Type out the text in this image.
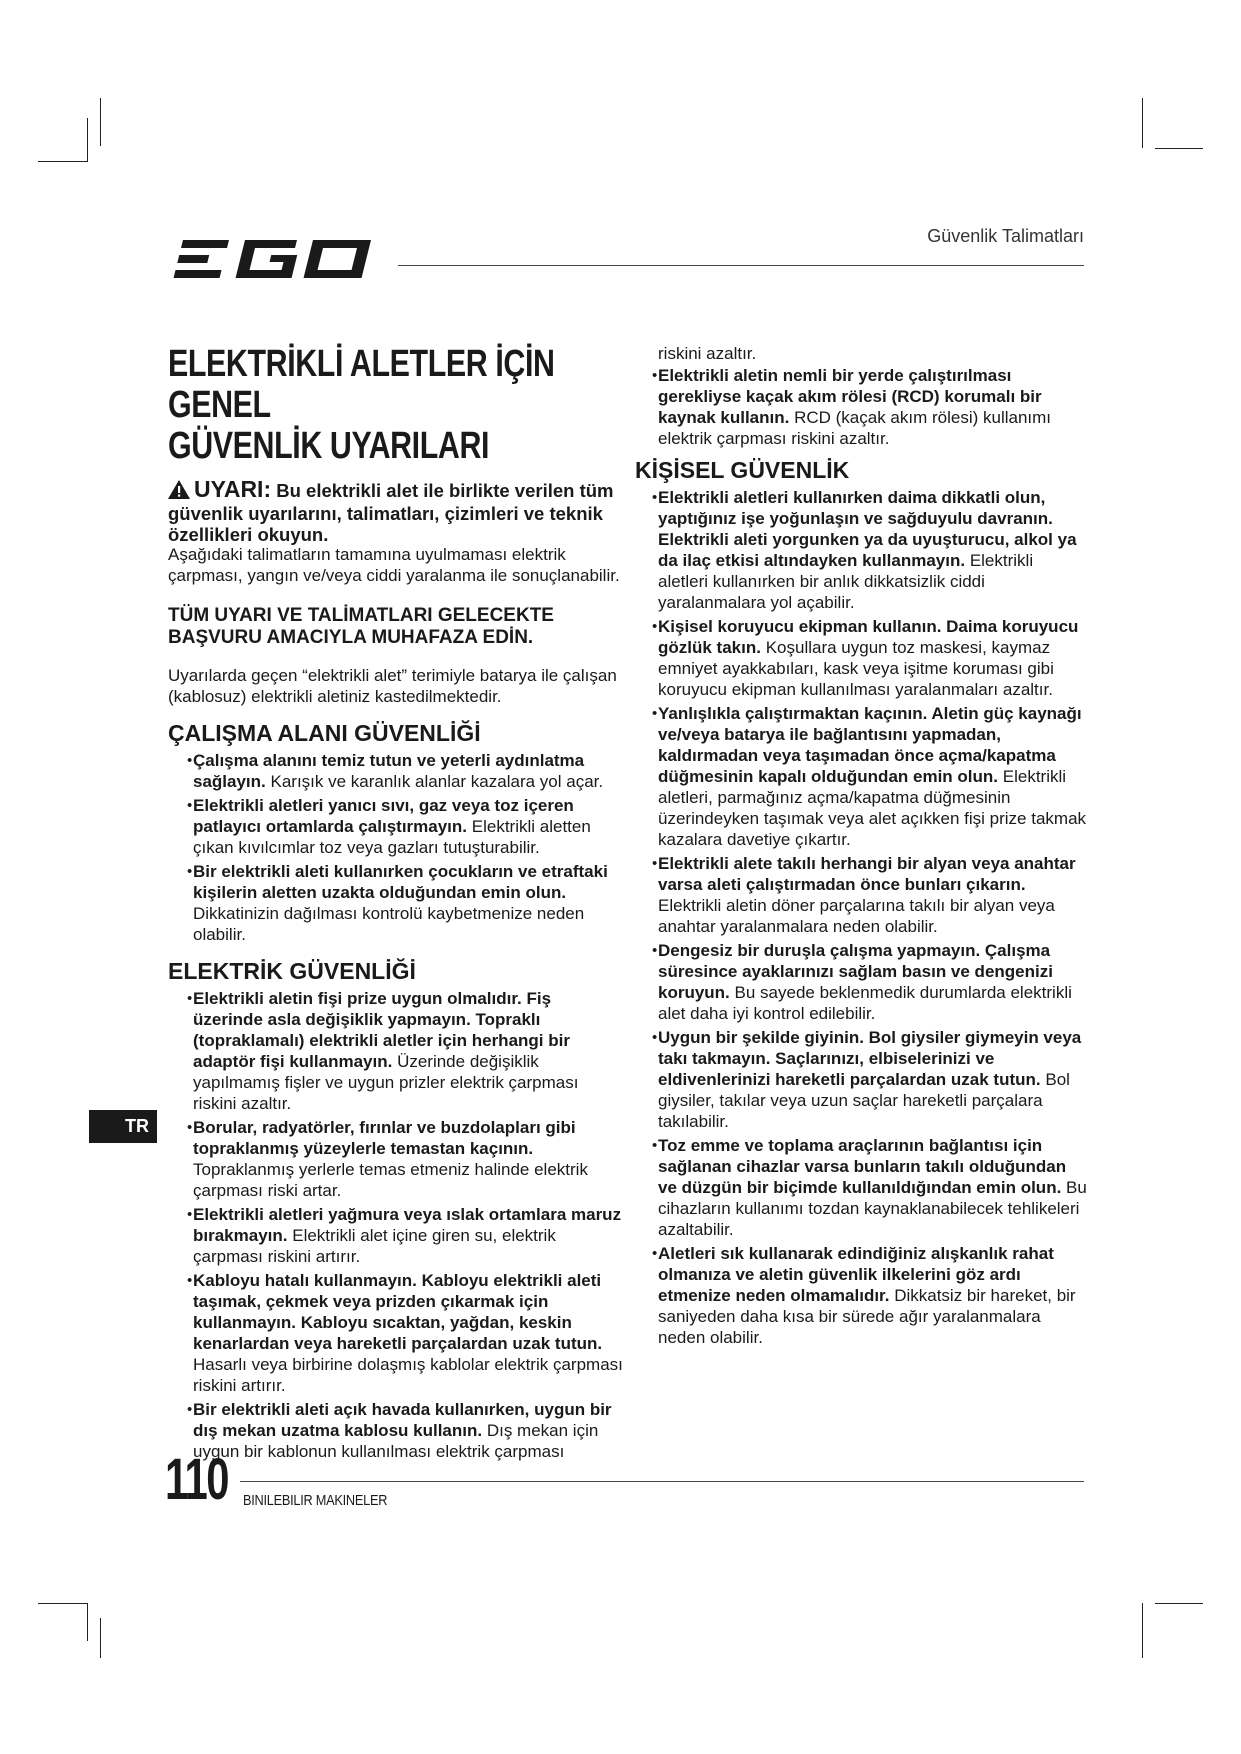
Güvenlik Talimatları
ELEKTRİKLİ ALETLER İÇİN GENEL
GÜVENLİK UYARILARI

UYARI: Bu elektrikli alet ile birlikte verilen tüm güvenlik uyarılarını, talimatları, çizimleri ve teknik özellikleri okuyun.

Aşağıdaki talimatların tamamına uyulmaması elektrik çarpması, yangın ve/veya ciddi yaralanma ile sonuçlanabilir.

TÜM UYARI VE TALİMATLARI GELECEKTE BAŞVURU AMACIYLA MUHAFAZA EDİN.

Uyarılarda geçen “elektrikli alet” terimiyle batarya ile çalışan (kablosuz) elektrikli aletiniz kastedilmektedir.

ÇALIŞMA ALANI GÜVENLİĞİ
• Çalışma alanını temiz tutun ve yeterli aydınlatma sağlayın. Karışık ve karanlık alanlar kazalara yol açar.
• Elektrikli aletleri yanıcı sıvı, gaz veya toz içeren patlayıcı ortamlarda çalıştırmayın. Elektrikli aletten çıkan kıvılcımlar toz veya gazları tutuşturabilir.
• Bir elektrikli aleti kullanırken çocukların ve etraftaki kişilerin aletten uzakta olduğundan emin olun. Dikkatinizin dağılması kontrolü kaybetmenize neden olabilir.
ELEKTRİK GÜVENLİĞİ
• Elektrikli aletin fişi prize uygun olmalıdır. Fiş üzerinde asla değişiklik yapmayın. Topraklı (topraklamalı) elektrikli aletler için herhangi bir adaptör fişi kullanmayın. Üzerinde değişiklik yapılmamış fişler ve uygun prizler elektrik çarpması riskini azaltır.
• Borular, radyatörler, fırınlar ve buzdolapları gibi topraklanmış yüzeylerle temastan kaçının. Topraklanmış yerlerle temas etmeniz halinde elektrik çarpması riski artar.
• Elektrikli aletleri yağmura veya ıslak ortamlara maruz bırakmayın. Elektrikli alet içine giren su, elektrik çarpması riskini artırır.
• Kabloyu hatalı kullanmayın. Kabloyu elektrikli aleti taşımak, çekmek veya prizden çıkarmak için kullanmayın. Kabloyu sıcaktan, yağdan, keskin kenarlardan veya hareketli parçalardan uzak tutun. Hasarlı veya birbirine dolaşmış kablolar elektrik çarpması riskini artırır.
• Bir elektrikli aleti açık havada kullanırken, uygun bir dış mekan uzatma kablosu kullanın. Dış mekan için uygun bir kablonun kullanılması elektrik çarpması

riskini azaltır.

• Elektrikli aletin nemli bir yerde çalıştırılması gerekliyse kaçak akım rölesi (RCD) korumalı bir kaynak kullanın. RCD (kaçak akım rölesi) kullanımı elektrik çarpması riskini azaltır.
KİŞİSEL GÜVENLİK
• Elektrikli aletleri kullanırken daima dikkatli olun, yaptığınız işe yoğunlaşın ve sağduyulu davranın. Elektrikli aleti yorgunken ya da uyuşturucu, alkol ya da ilaç etkisi altındayken kullanmayın. Elektrikli aletleri kullanırken bir anlık dikkatsizlik ciddi yaralanmalara yol açabilir.
• Kişisel koruyucu ekipman kullanın. Daima koruyucu gözlük takın. Koşullara uygun toz maskesi, kaymaz emniyet ayakkabıları, kask veya işitme koruması gibi koruyucu ekipman kullanılması yaralanmaları azaltır.
• Yanlışlıkla çalıştırmaktan kaçının. Aletin güç kaynağı ve/veya batarya ile bağlantısını yapmadan, kaldırmadan veya taşımadan önce açma/kapatma düğmesinin kapalı olduğundan emin olun. Elektrikli aletleri, parmağınız açma/kapatma düğmesinin üzerindeyken taşımak veya alet açıkken fişi prize takmak kazalara davetiye çıkartır.
• Elektrikli alete takılı herhangi bir alyan veya anahtar varsa aleti çalıştırmadan önce bunları çıkarın. Elektrikli aletin döner parçalarına takılı bir alyan veya anahtar yaralanmalara neden olabilir.
• Dengesiz bir duruşla çalışma yapmayın. Çalışma süresince ayaklarınızı sağlam basın ve dengenizi koruyun. Bu sayede beklenmedik durumlarda elektrikli alet daha iyi kontrol edilebilir.
• Uygun bir şekilde giyinin. Bol giysiler giymeyin veya takı takmayın. Saçlarınızı, elbiselerinizi ve eldivenlerinizi hareketli parçalardan uzak tutun. Bol giysiler, takılar veya uzun saçlar hareketli parçalara takılabilir.
• Toz emme ve toplama araçlarının bağlantısı için sağlanan cihazlar varsa bunların takılı olduğundan ve düzgün bir biçimde kullanıldığından emin olun. Bu cihazların kullanımı tozdan kaynaklanabilecek tehlikeleri azaltabilir.
• Aletleri sık kullanarak edindiğiniz alışkanlık rahat olmanıza ve aletin güvenlik ilkelerini göz ardı etmenize neden olmamalıdır. Dikkatsiz bir hareket, bir saniyeden daha kısa bir sürede ağır yaralanmalara neden olabilir.
TR
110 BINILEBILIR MAKINELER
